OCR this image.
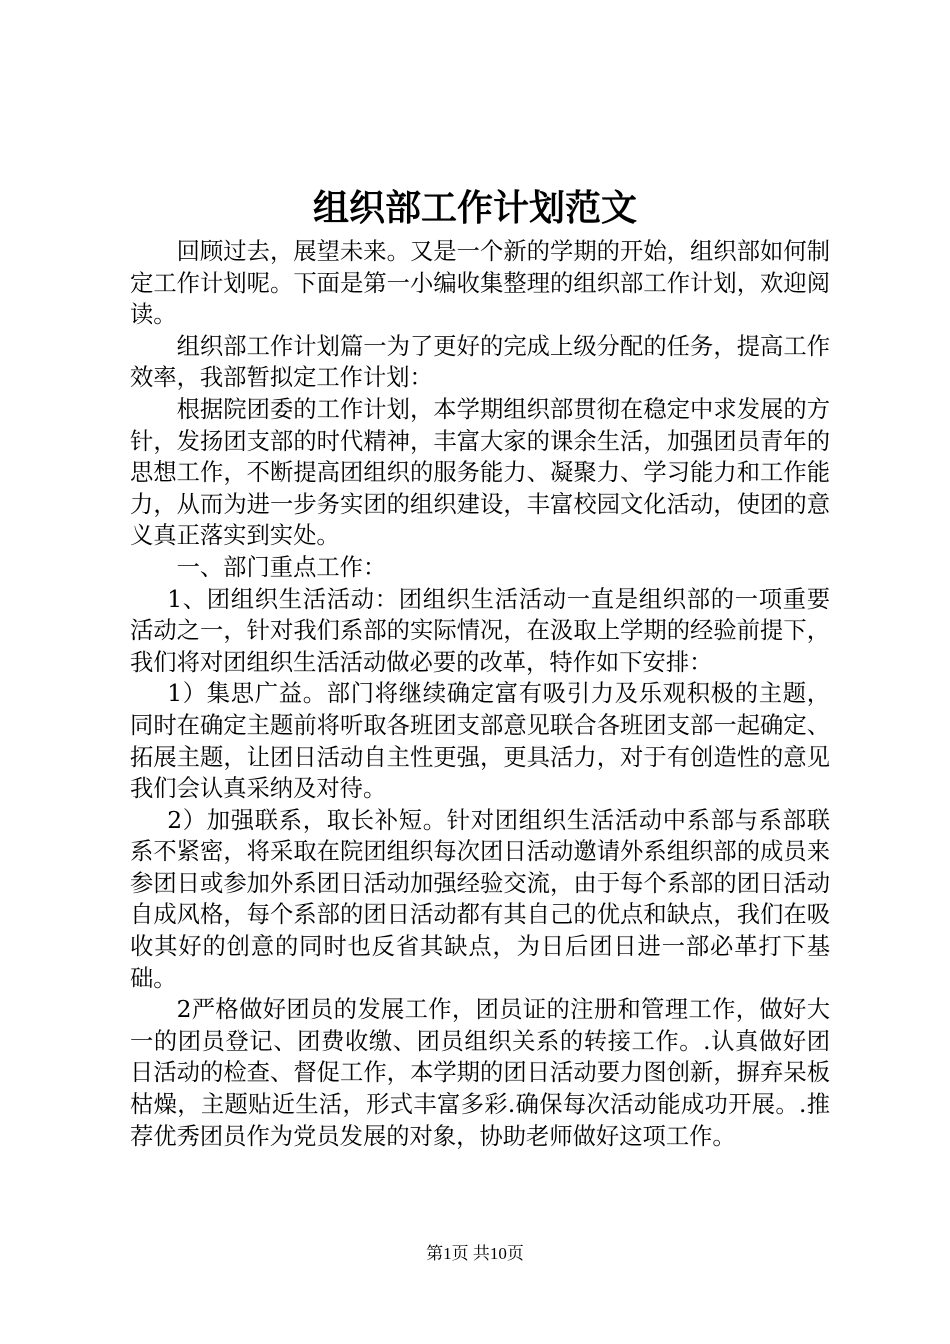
组织部工作计划范文

回顾过去，展望未来。又是一个新的学期的开始，组织部如何制定工作计划呢。下面是第一小编收集整理的组织部工作计划，欢迎阅读。

组织部工作计划篇一为了更好的完成上级分配的任务，提高工作效率，我部暂拟定工作计划：

根据院团委的工作计划，本学期组织部贯彻在稳定中求发展的方针，发扬团支部的时代精神，丰富大家的课余生活，加强团员青年的思想工作，不断提高团组织的服务能力、凝聚力、学习能力和工作能力，从而为进一步务实团的组织建设，丰富校园文化活动，使团的意义真正落实到实处。

一、部门重点工作：

1、团组织生活活动：团组织生活活动一直是组织部的一项重要活动之一，针对我们系部的实际情况，在汲取上学期的经验前提下，我们将对团组织生活活动做必要的改革，特作如下安排：

1）集思广益。部门将继续确定富有吸引力及乐观积极的主题，同时在确定主题前将听取各班团支部意见联合各班团支部一起确定、拓展主题，让团日活动自主性更强，更具活力，对于有创造性的意见我们会认真采纳及对待。

2）加强联系，取长补短。针对团组织生活活动中系部与系部联系不紧密，将采取在院团组织每次团日活动邀请外系组织部的成员来参团日或参加外系团日活动加强经验交流，由于每个系部的团日活动自成风格，每个系部的团日活动都有其自己的优点和缺点，我们在吸收其好的创意的同时也反省其缺点，为日后团日进一部必革打下基础。

2严格做好团员的发展工作，团员证的注册和管理工作，做好大一的团员登记、团费收缴、团员组织关系的转接工作。.认真做好团日活动的检查、督促工作，本学期的团日活动要力图创新，摒弃呆板枯燥，主题贴近生活，形式丰富多彩.确保每次活动能成功开展。.推荐优秀团员作为党员发展的对象，协助老师做好这项工作。

第1页 共10页
